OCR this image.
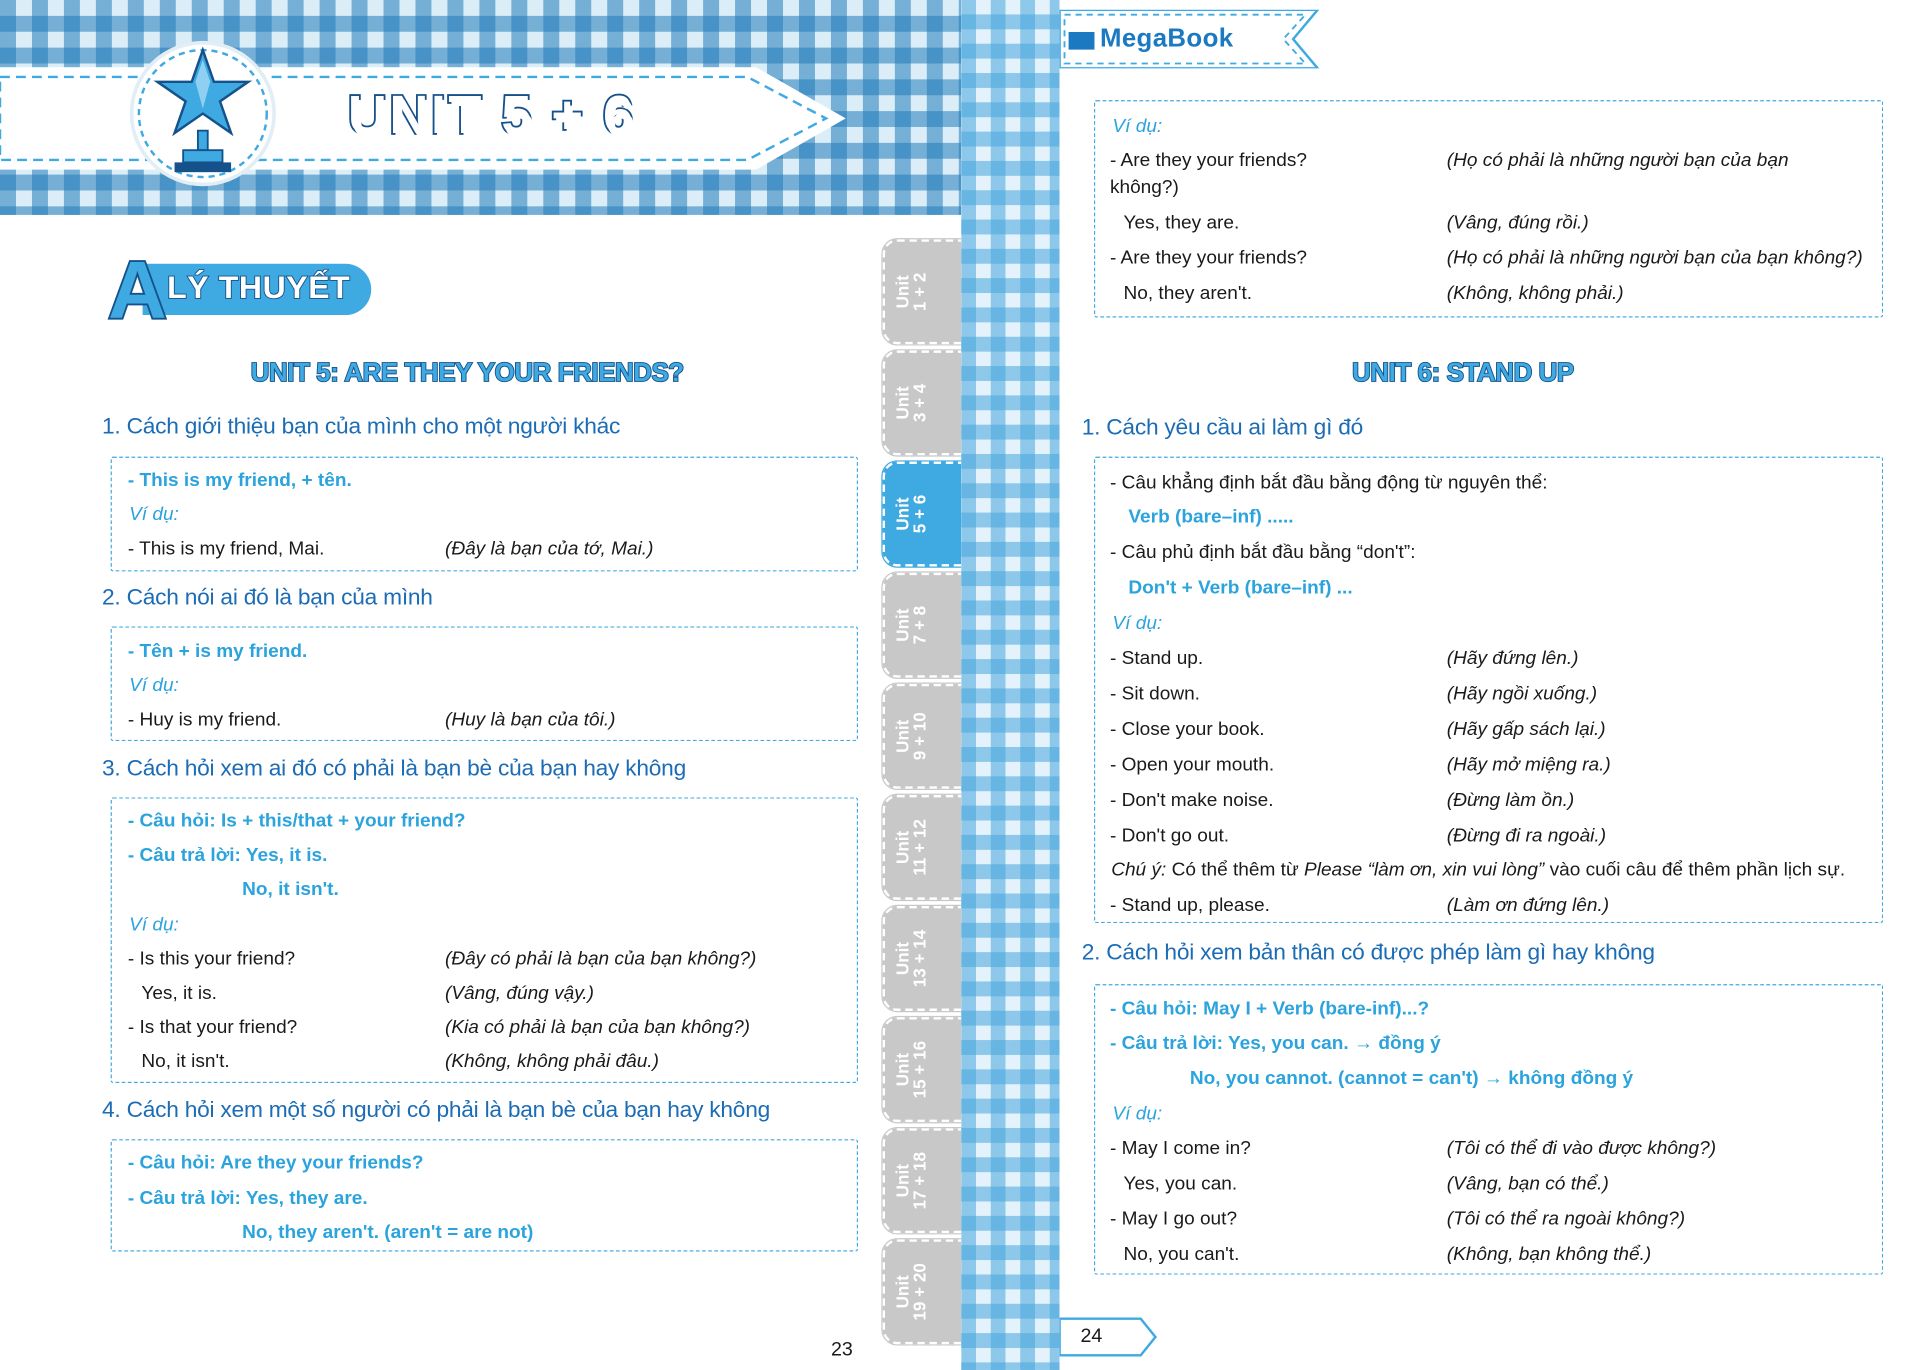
UNIT 5 + 6
A LÝ THUYẾT
UNIT 5: ARE THEY YOUR FRIENDS?
1. Cách giới thiệu bạn của mình cho một người khác
- This is my friend, + tên.
Ví dụ:
- This is my friend, Mai.	(Đây là bạn của tớ, Mai.)
2. Cách nói ai đó là bạn của mình
- Tên + is my friend.
Ví dụ:
- Huy is my friend.	(Huy là bạn của tôi.)
3. Cách hỏi xem ai đó có phải là bạn bè của bạn hay không
- Câu hỏi: Is + this/that + your friend?
- Câu trả lời: Yes, it is.
No, it isn't.
Ví dụ:
- Is this your friend?	(Đây có phải là bạn của bạn không?)
Yes, it is.	(Vâng, đúng vậy.)
- Is that your friend?	(Kia có phải là bạn của bạn không?)
No, it isn't.	(Không, không phải đâu.)
4. Cách hỏi xem một số người có phải là bạn bè của bạn hay không
- Câu hỏi: Are they your friends?
- Câu trả lời: Yes, they are.
No, they aren't. (aren't = are not)
23
Unit
1 + 2
Unit
3 + 4
Unit
5 + 6
Unit
7 + 8
Unit
9 + 10
Unit
11 + 12
Unit
13 + 14
Unit
15 + 16
Unit
17 + 18
Unit
19 + 20
▮▮▮ MegaBook
Ví dụ:
- Are they your friends?	(Họ có phải là những người bạn của bạn
không?)
Yes, they are.	(Vâng, đúng rồi.)
- Are they your friends?	(Họ có phải là những người bạn của bạn không?)
No, they aren't.	(Không, không phải.)
UNIT 6: STAND UP
1. Cách yêu cầu ai làm gì đó
- Câu khẳng định bắt đầu bằng động từ nguyên thể:
Verb (bare–inf) .....
- Câu phủ định bắt đầu bằng “don't”:
Don't + Verb (bare–inf) ...
Ví dụ:
- Stand up.	(Hãy đứng lên.)
- Sit down.	(Hãy ngồi xuống.)
- Close your book.	(Hãy gấp sách lại.)
- Open your mouth.	(Hãy mở miệng ra.)
- Don't make noise.	(Đừng làm ồn.)
- Don't go out.	(Đừng đi ra ngoài.)
Chú ý: Có thể thêm từ Please “làm ơn, xin vui lòng” vào cuối câu để thêm phần lịch sự.
- Stand up, please.	(Làm ơn đứng lên.)
2. Cách hỏi xem bản thân có được phép làm gì hay không
- Câu hỏi: May I + Verb (bare-inf)...?
- Câu trả lời: Yes, you can. → đồng ý
No, you cannot. (cannot = can't) → không đồng ý
Ví dụ:
- May I come in?	(Tôi có thể đi vào được không?)
Yes, you can.	(Vâng, bạn có thể.)
- May I go out?	(Tôi có thể ra ngoài không?)
No, you can't.	(Không, bạn không thể.)
24
